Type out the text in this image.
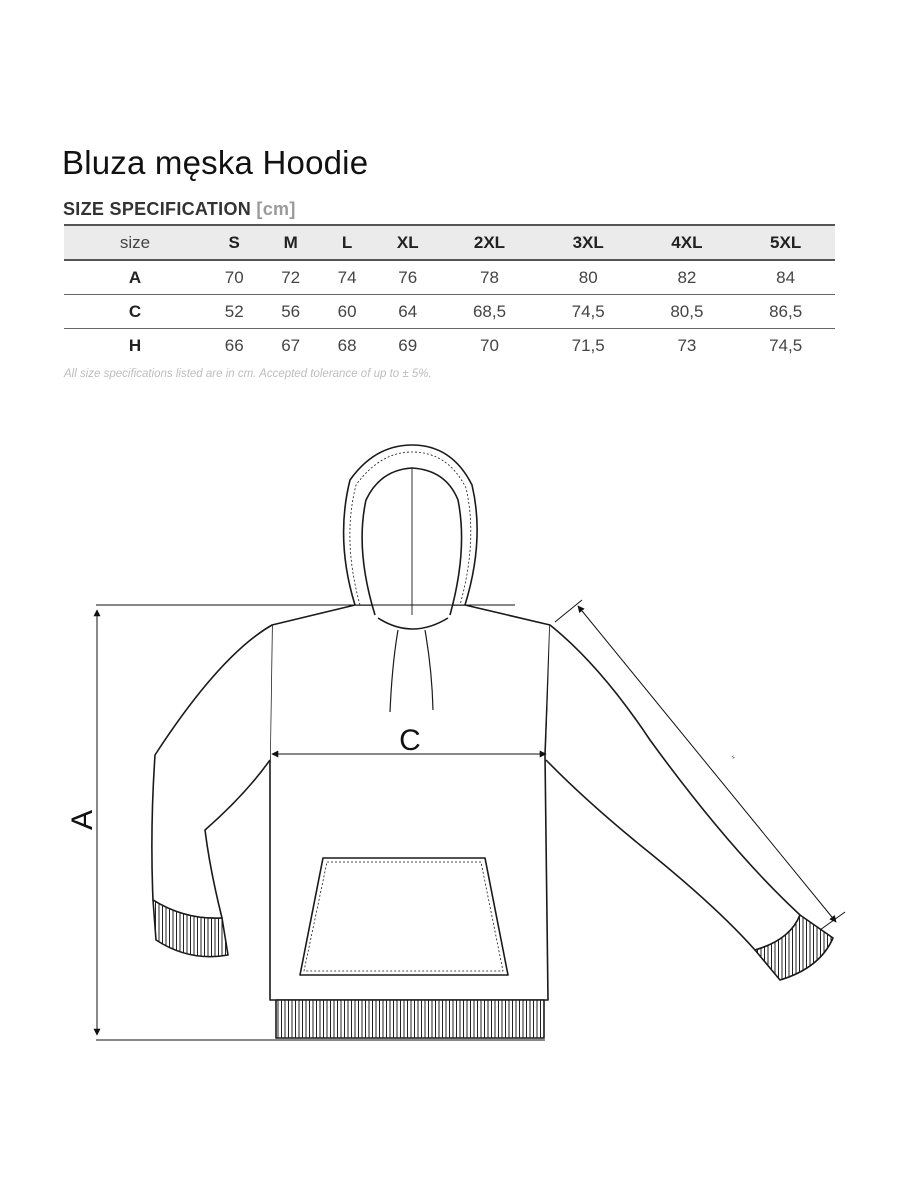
Bluza męska Hoodie
SIZE SPECIFICATION [cm]
size	S	M	L	XL	2XL	3XL	4XL	5XL
A	70	72	74	76	78	80	82	84
C	52	56	60	64	68,5	74,5	80,5	86,5
H	66	67	68	69	70	71,5	73	74,5
All size specifications listed are in cm. Accepted tolerance of up to ± 5%.
A
C
H
